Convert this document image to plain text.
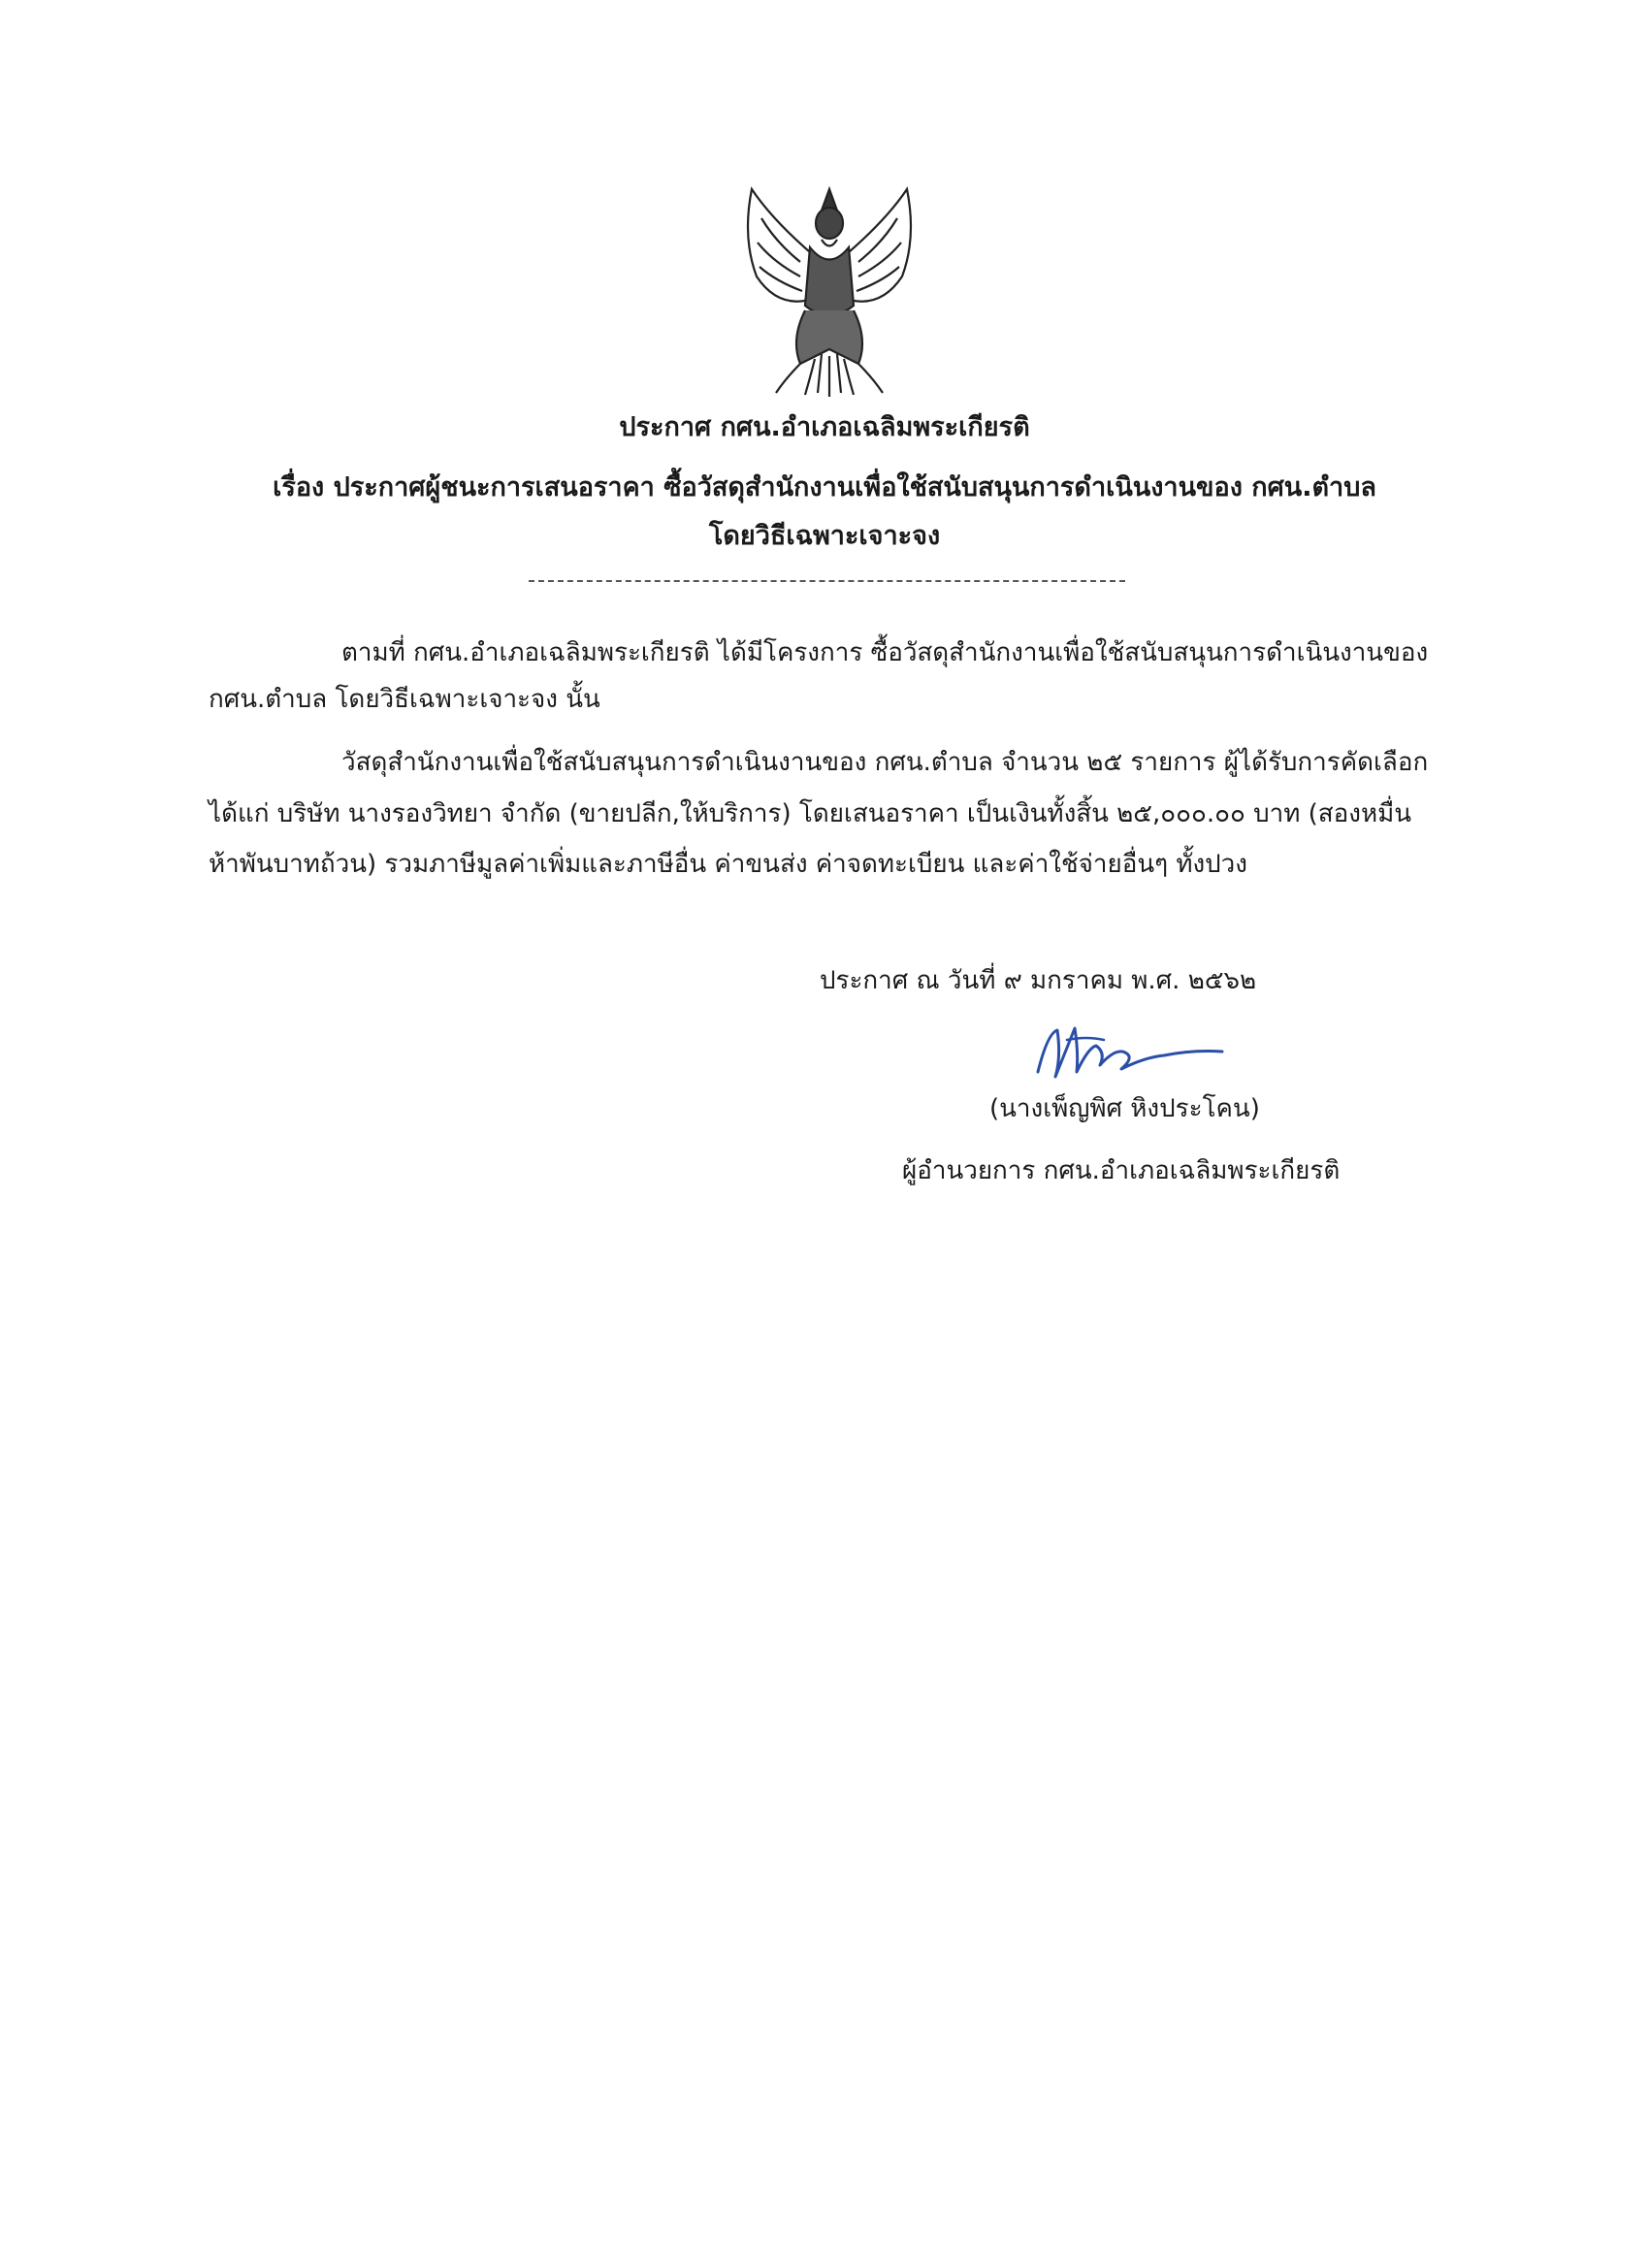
ประกาศ กศน.อำเภอเฉลิมพระเกียรติ
เรื่อง ประกาศผู้ชนะการเสนอราคา ซื้อวัสดุสำนักงานเพื่อใช้สนับสนุนการดำเนินงานของ กศน.ตำบล
โดยวิธีเฉพาะเจาะจง
ตามที่ กศน.อำเภอเฉลิมพระเกียรติ ได้มีโครงการ ซื้อวัสดุสำนักงานเพื่อใช้สนับสนุนการดำเนินงานของ
กศน.ตำบล โดยวิธีเฉพาะเจาะจง นั้น
วัสดุสำนักงานเพื่อใช้สนับสนุนการดำเนินงานของ กศน.ตำบล จำนวน ๒๕ รายการ ผู้ได้รับการคัดเลือก
ได้แก่ บริษัท นางรองวิทยา จำกัด (ขายปลีก,ให้บริการ) โดยเสนอราคา เป็นเงินทั้งสิ้น ๒๕,๐๐๐.๐๐ บาท (สองหมื่น
ห้าพันบาทถ้วน) รวมภาษีมูลค่าเพิ่มและภาษีอื่น ค่าขนส่ง ค่าจดทะเบียน และค่าใช้จ่ายอื่นๆ ทั้งปวง
ประกาศ ณ วันที่ ๙ มกราคม พ.ศ. ๒๕๖๒
(นางเพ็ญพิศ หิงประโคน)
ผู้อำนวยการ กศน.อำเภอเฉลิมพระเกียรติ
